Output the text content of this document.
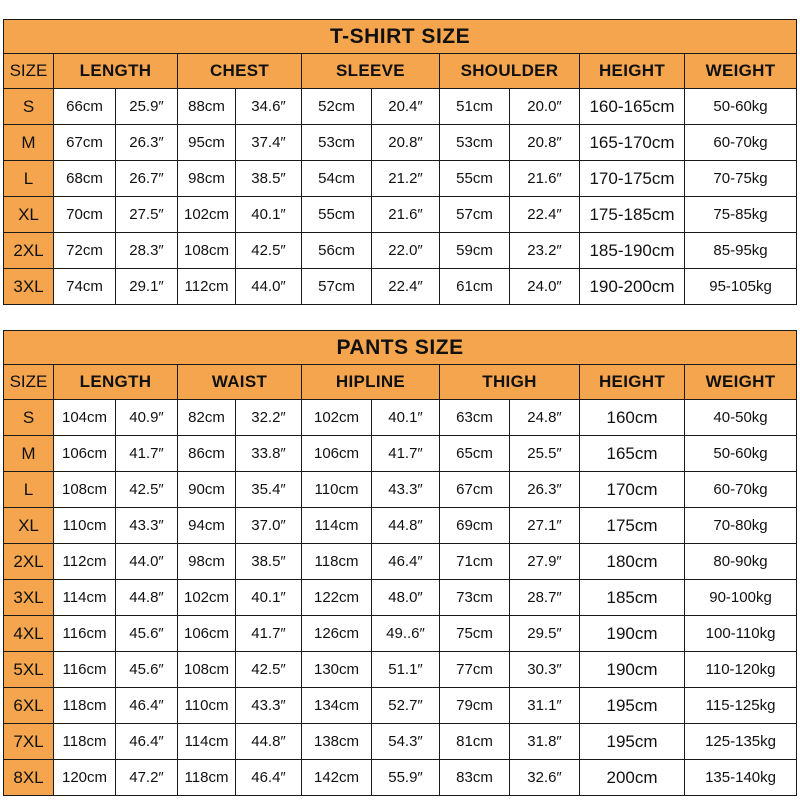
T-SHIRT SIZE										
SIZE	LENGTH		CHEST		SLEEVE		SHOULDER		HEIGHT	WEIGHT
S	66cm	25.9″	88cm	34.6″	52cm	20.4″	51cm	20.0″	160-165cm	50-60kg
M	67cm	26.3″	95cm	37.4″	53cm	20.8″	53cm	20.8″	165-170cm	60-70kg
L	68cm	26.7″	98cm	38.5″	54cm	21.2″	55cm	21.6″	170-175cm	70-75kg
XL	70cm	27.5″	102cm	40.1″	55cm	21.6″	57cm	22.4″	175-185cm	75-85kg
2XL	72cm	28.3″	108cm	42.5″	56cm	22.0″	59cm	23.2″	185-190cm	85-95kg
3XL	74cm	29.1″	112cm	44.0″	57cm	22.4″	61cm	24.0″	190-200cm	95-105kg
PANTS SIZE										
SIZE	LENGTH		WAIST		HIPLINE		THIGH		HEIGHT	WEIGHT
S	104cm	40.9″	82cm	32.2″	102cm	40.1″	63cm	24.8″	160cm	40-50kg
M	106cm	41.7″	86cm	33.8″	106cm	41.7″	65cm	25.5″	165cm	50-60kg
L	108cm	42.5″	90cm	35.4″	110cm	43.3″	67cm	26.3″	170cm	60-70kg
XL	110cm	43.3″	94cm	37.0″	114cm	44.8″	69cm	27.1″	175cm	70-80kg
2XL	112cm	44.0″	98cm	38.5″	118cm	46.4″	71cm	27.9″	180cm	80-90kg
3XL	114cm	44.8″	102cm	40.1″	122cm	48.0″	73cm	28.7″	185cm	90-100kg
4XL	116cm	45.6″	106cm	41.7″	126cm	49..6″	75cm	29.5″	190cm	100-110kg
5XL	116cm	45.6″	108cm	42.5″	130cm	51.1″	77cm	30.3″	190cm	110-120kg
6XL	118cm	46.4″	110cm	43.3″	134cm	52.7″	79cm	31.1″	195cm	115-125kg
7XL	118cm	46.4″	114cm	44.8″	138cm	54.3″	81cm	31.8″	195cm	125-135kg
8XL	120cm	47.2″	118cm	46.4″	142cm	55.9″	83cm	32.6″	200cm	135-140kg
